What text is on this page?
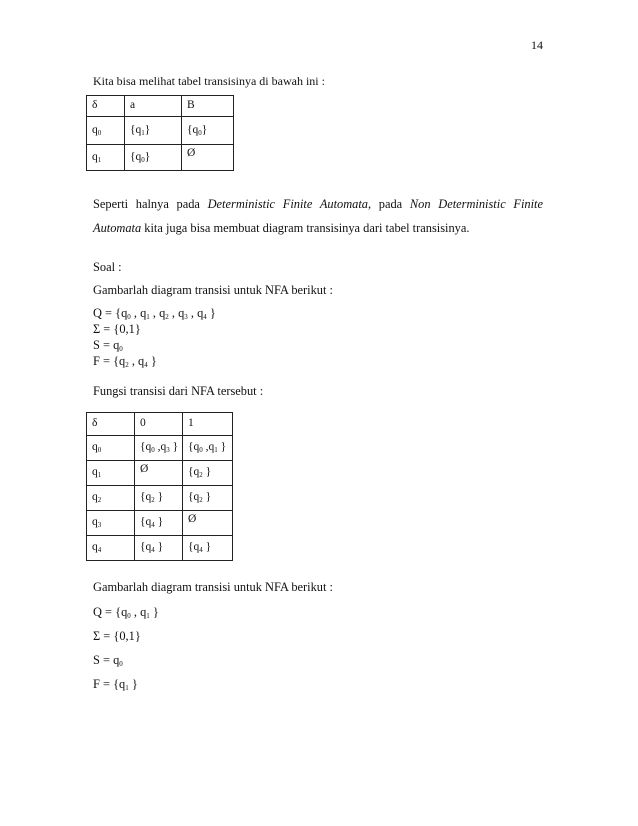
14
Kita bisa melihat tabel transisinya di bawah ini :
δ	a	B
$q_0$	$\{q_1\}$	$\{q_0\}$
$q_1$	$\{q_0\}$	Ø
Seperti halnya pada Deterministic Finite Automata, pada Non Deterministic Finite
Automata kita juga bisa membuat diagram transisinya dari tabel transisinya.
Soal :
Gambarlah diagram transisi untuk NFA berikut :
$Q = \{q_0$ , $q_1$ , $q_2$ , $q_3$ , $q_4$ }
Σ = {0,1}
$S = q_0$
$F = \{q_2$ , $q_4$ }
Fungsi transisi dari NFA tersebut :
δ	0	1
$q_0$	{$q_0$ $,q_3$ }	{$q_0$ $,q_1$ }
$q_1$	Ø	{$q_2$ }
$q_2$	{$q_2$ }	{$q_2$ }
$q_3$	{$q_4$ }	Ø
$q_4$	{$q_4$ }	{$q_4$ }
Gambarlah diagram transisi untuk NFA berikut :
$Q = \{q_0$ , $q_1$ }
Σ = {0,1}
$S = q_0$
$F = \{q_1$ }
